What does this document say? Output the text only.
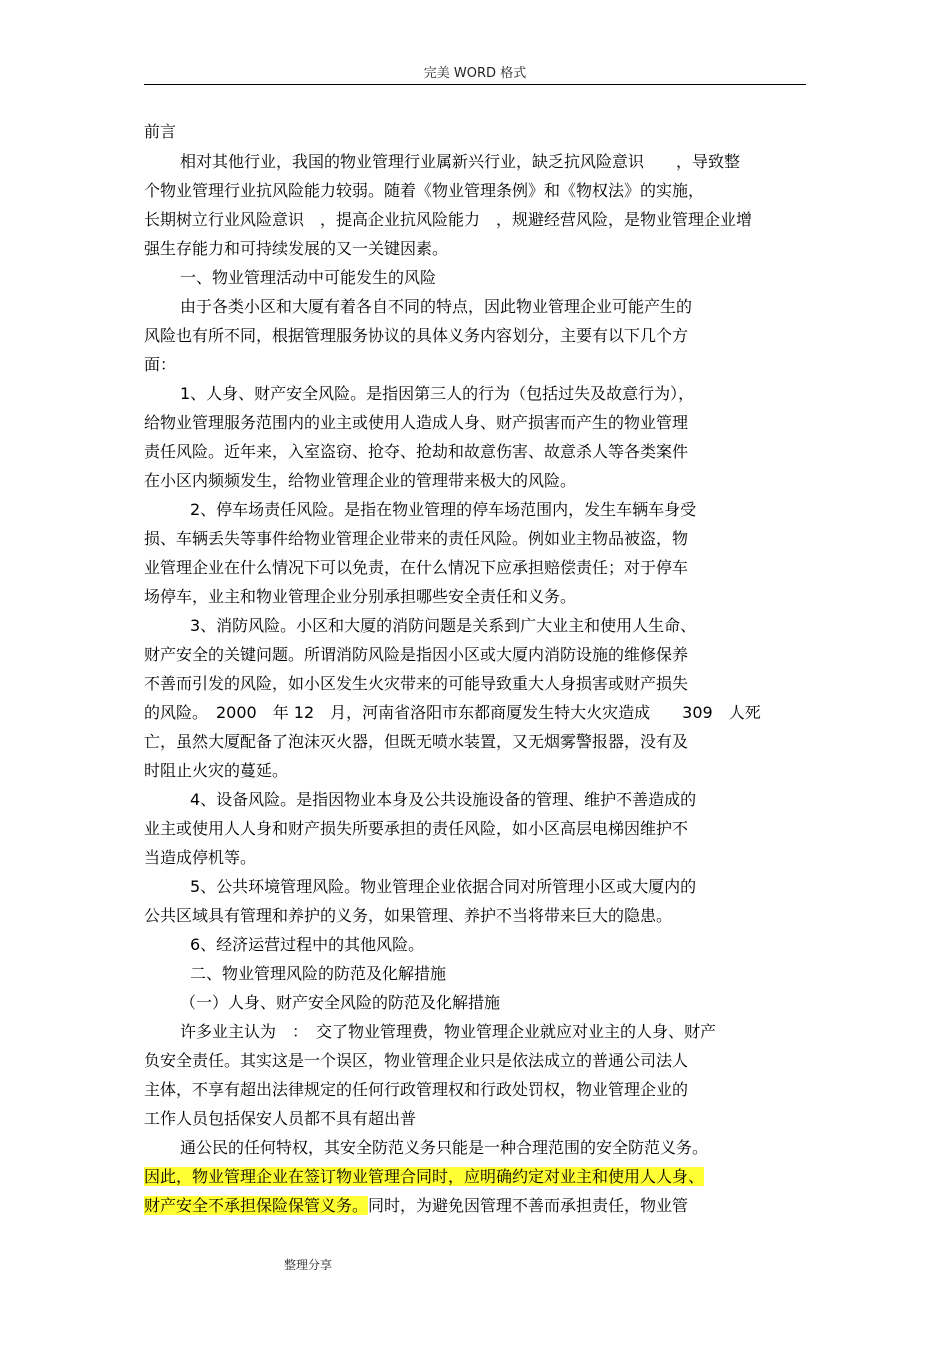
完美 WORD 格式
前言
相对其他行业，我国的物业管理行业属新兴行业，缺乏抗风险意识　　，导致整
个物业管理行业抗风险能力较弱。随着《物业管理条例》和《物权法》的实施，
长期树立行业风险意识　，提高企业抗风险能力　，规避经营风险，是物业管理企业增
强生存能力和可持续发展的又一关键因素。
一、物业管理活动中可能发生的风险
由于各类小区和大厦有着各自不同的特点，因此物业管理企业可能产生的
风险也有所不同，根据管理服务协议的具体义务内容划分，主要有以下几个方
面：
1、人身、财产安全风险。是指因第三人的行为（包括过失及故意行为），
给物业管理服务范围内的业主或使用人造成人身、财产损害而产生的物业管理
责任风险。近年来，入室盗窃、抢夺、抢劫和故意伤害、故意杀人等各类案件
在小区内频频发生，给物业管理企业的管理带来极大的风险。
2、停车场责任风险。是指在物业管理的停车场范围内，发生车辆车身受
损、车辆丢失等事件给物业管理企业带来的责任风险。例如业主物品被盗，物
业管理企业在什么情况下可以免责，在什么情况下应承担赔偿责任；对于停车
场停车，业主和物业管理企业分别承担哪些安全责任和义务。
3、消防风险。小区和大厦的消防问题是关系到广大业主和使用人生命、
财产安全的关键问题。所谓消防风险是指因小区或大厦内消防设施的维修保养
不善而引发的风险，如小区发生火灾带来的可能导致重大人身损害或财产损失
的风险。　2000　年 12　月，河南省洛阳市东都商厦发生特大火灾造成　　309　人死
亡，虽然大厦配备了泡沫灭火器，但既无喷水装置，又无烟雾警报器，没有及
时阻止火灾的蔓延。
4、设备风险。是指因物业本身及公共设施设备的管理、维护不善造成的
业主或使用人人身和财产损失所要承担的责任风险，如小区高层电梯因维护不
当造成停机等。
5、公共环境管理风险。物业管理企业依据合同对所管理小区或大厦内的
公共区域具有管理和养护的义务，如果管理、养护不当将带来巨大的隐患。
6、经济运营过程中的其他风险。
二、物业管理风险的防范及化解措施
（一）人身、财产安全风险的防范及化解措施
许多业主认为　：　交了物业管理费，物业管理企业就应对业主的人身、财产
负安全责任。其实这是一个误区，物业管理企业只是依法成立的普通公司法人
主体，不享有超出法律规定的任何行政管理权和行政处罚权，物业管理企业的
工作人员包括保安人员都不具有超出普
通公民的任何特权，其安全防范义务只能是一种合理范围的安全防范义务。
因此，物业管理企业在签订物业管理合同时，应明确约定对业主和使用人人身、
财产安全不承担保险保管义务。同时，为避免因管理不善而承担责任，物业管
整理分享
